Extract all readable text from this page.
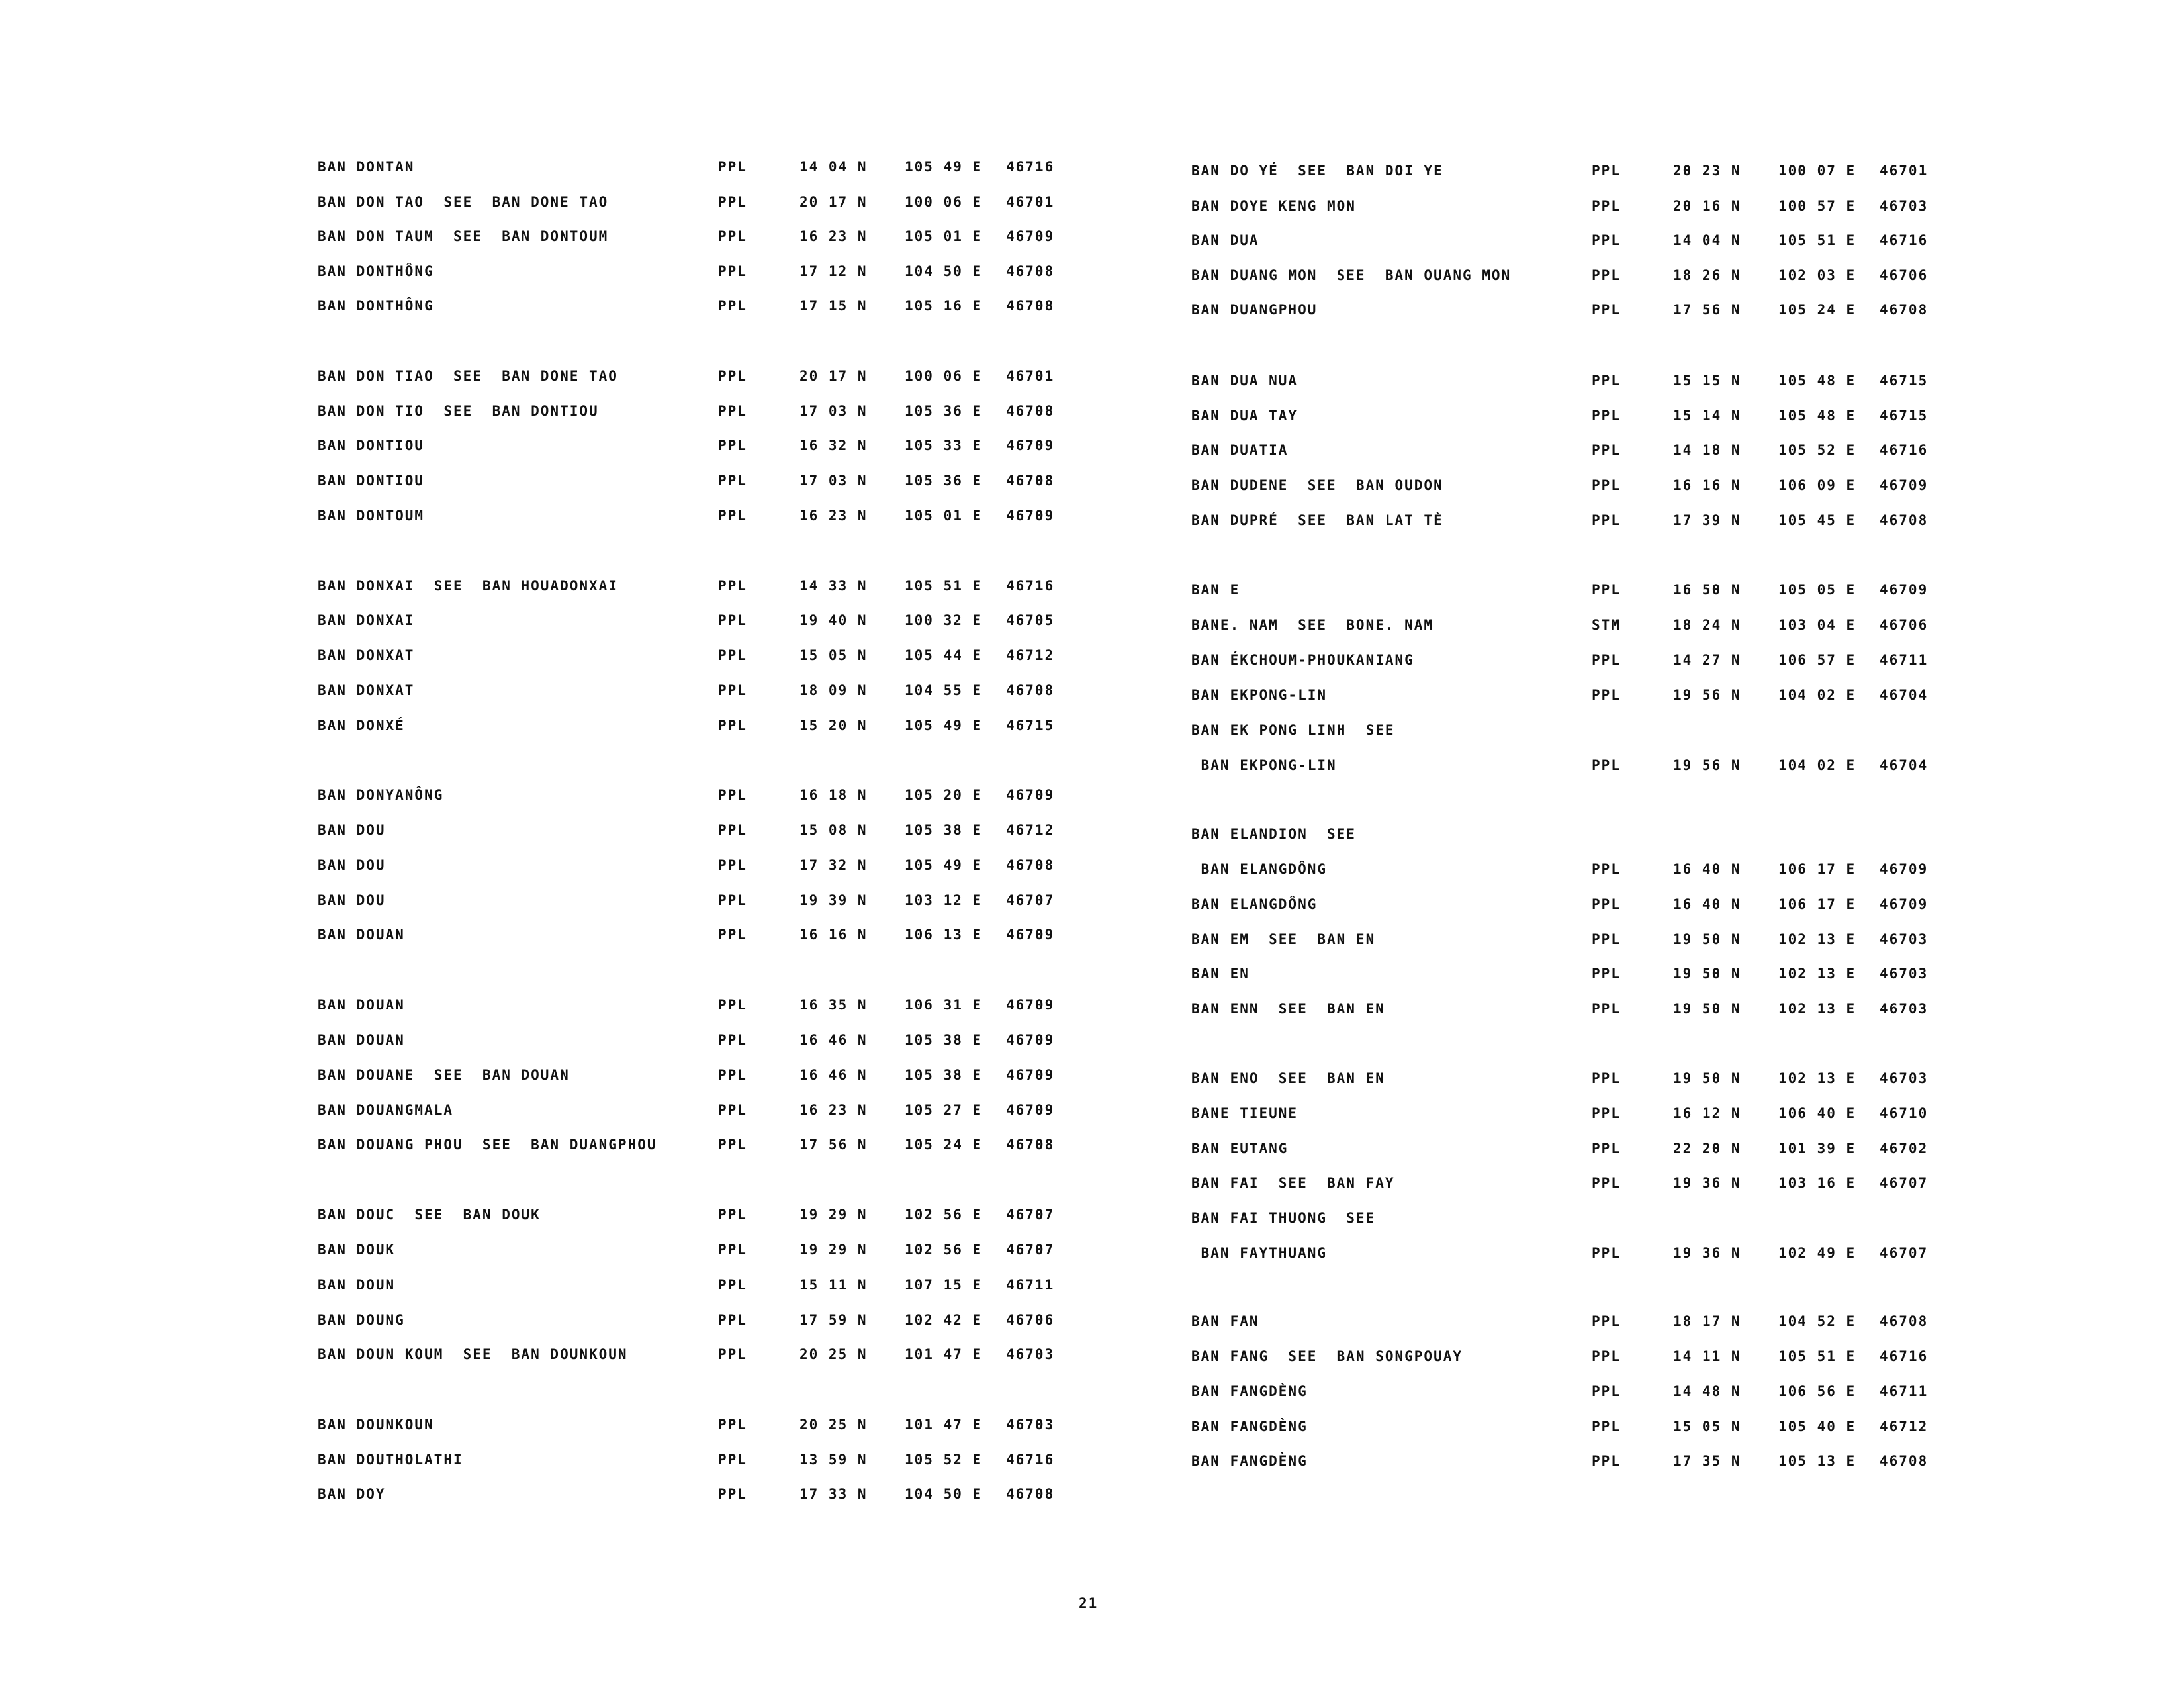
BAN DONTAN	PPL	14 04 N	105 49 E 46716
BAN DON TAO  SEE  BAN DONE TAO	PPL	20 17 N	100 06 E 46701
BAN DON TAUM  SEE  BAN DONTOUM	PPL	16 23 N	105 01 E 46709
BAN DONTHÔNG	PPL	17 12 N	104 50 E 46708
BAN DONTHÔNG	PPL	17 15 N	105 16 E 46708
BAN DON TIAO  SEE  BAN DONE TAO	PPL	20 17 N	100 06 E 46701
BAN DON TIO  SEE  BAN DONTIOU	PPL	17 03 N	105 36 E 46708
BAN DONTIOU	PPL	16 32 N	105 33 E 46709
BAN DONTIOU	PPL	17 03 N	105 36 E 46708
BAN DONTOUM	PPL	16 23 N	105 01 E 46709
BAN DONXAI  SEE  BAN HOUADONXAI	PPL	14 33 N	105 51 E 46716
BAN DONXAI	PPL	19 40 N	100 32 E 46705
BAN DONXAT	PPL	15 05 N	105 44 E 46712
BAN DONXAT	PPL	18 09 N	104 55 E 46708
BAN DONXÉ	PPL	15 20 N	105 49 E 46715
BAN DONYANÔNG	PPL	16 18 N	105 20 E 46709
BAN DOU	PPL	15 08 N	105 38 E 46712
BAN DOU	PPL	17 32 N	105 49 E 46708
BAN DOU	PPL	19 39 N	103 12 E 46707
BAN DOUAN	PPL	16 16 N	106 13 E 46709
BAN DOUAN	PPL	16 35 N	106 31 E 46709
BAN DOUAN	PPL	16 46 N	105 38 E 46709
BAN DOUANE  SEE  BAN DOUAN	PPL	16 46 N	105 38 E 46709
BAN DOUANGMALA	PPL	16 23 N	105 27 E 46709
BAN DOUANG PHOU  SEE  BAN DUANGPHOU	PPL	17 56 N	105 24 E 46708
BAN DOUC  SEE  BAN DOUK	PPL	19 29 N	102 56 E 46707
BAN DOUK	PPL	19 29 N	102 56 E 46707
BAN DOUN	PPL	15 11 N	107 15 E 46711
BAN DOUNG	PPL	17 59 N	102 42 E 46706
BAN DOUN KOUM  SEE  BAN DOUNKOUN	PPL	20 25 N	101 47 E 46703
BAN DOUNKOUN	PPL	20 25 N	101 47 E 46703
BAN DOUTHOLATHI	PPL	13 59 N	105 52 E 46716
BAN DOY	PPL	17 33 N	104 50 E 46708
BAN DO YÉ  SEE  BAN DOI YE	PPL	20 23 N	100 07 E 46701
BAN DOYE KENG MON	PPL	20 16 N	100 57 E 46703
BAN DUA	PPL	14 04 N	105 51 E 46716
BAN DUANG MON  SEE  BAN OUANG MON	PPL	18 26 N	102 03 E 46706
BAN DUANGPHOU	PPL	17 56 N	105 24 E 46708
BAN DUA NUA	PPL	15 15 N	105 48 E 46715
BAN DUA TAY	PPL	15 14 N	105 48 E 46715
BAN DUATIA	PPL	14 18 N	105 52 E 46716
BAN DUDENE  SEE  BAN OUDON	PPL	16 16 N	106 09 E 46709
BAN DUPRÉ  SEE  BAN LAT TÈ	PPL	17 39 N	105 45 E 46708
BAN E	PPL	16 50 N	105 05 E 46709
BANE. NAM  SEE  BONE. NAM	STM	18 24 N	103 04 E 46706
BAN ÉKCHOUM-PHOUKANIANG	PPL	14 27 N	106 57 E 46711
BAN EKPONG-LIN	PPL	19 56 N	104 02 E 46704
BAN EK PONG LINH  SEE
BAN EKPONG-LIN	PPL	19 56 N	104 02 E 46704
BAN ELANDION  SEE
BAN ELANGDÔNG	PPL	16 40 N	106 17 E 46709
BAN ELANGDÔNG	PPL	16 40 N	106 17 E 46709
BAN EM  SEE  BAN EN	PPL	19 50 N	102 13 E 46703
BAN EN	PPL	19 50 N	102 13 E 46703
BAN ENN  SEE  BAN EN	PPL	19 50 N	102 13 E 46703
BAN ENO  SEE  BAN EN	PPL	19 50 N	102 13 E 46703
BANE TIEUNE	PPL	16 12 N	106 40 E 46710
BAN EUTANG	PPL	22 20 N	101 39 E 46702
BAN FAI  SEE  BAN FAY	PPL	19 36 N	103 16 E 46707
BAN FAI THUONG  SEE
BAN FAYTHUANG	PPL	19 36 N	102 49 E 46707
BAN FAN	PPL	18 17 N	104 52 E 46708
BAN FANG  SEE  BAN SONGPOUAY	PPL	14 11 N	105 51 E 46716
BAN FANGDÈNG	PPL	14 48 N	106 56 E 46711
BAN FANGDÈNG	PPL	15 05 N	105 40 E 46712
BAN FANGDÈNG	PPL	17 35 N	105 13 E 46708
21
